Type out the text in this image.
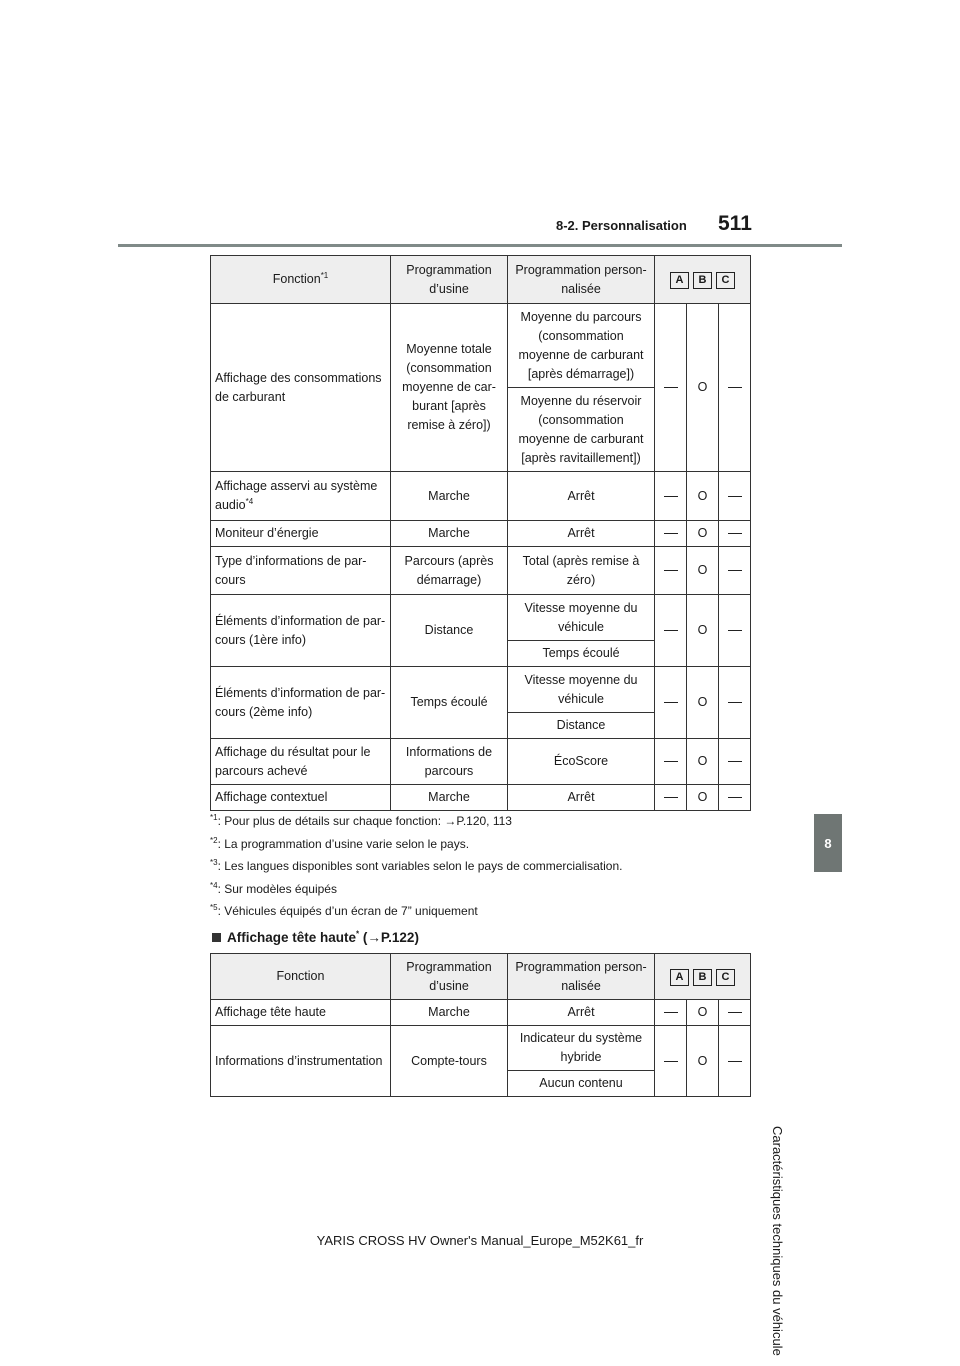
8-2. Personnalisation 511
8
Caractéristiques techniques du véhicule
Fonction$^{*1}$	Programmation d’usine	Programmation person-nalisée	A B C		
Affichage des consommations de carburant	Moyenne totale (consommation moyenne de car-burant [après remise à zéro])	Moyenne du parcours (consommation moyenne de carburant [après démarrage])		O	
		Moyenne du réservoir (consommation moyenne de carburant [après ravitaillement])			
Affichage asservi au système audio$^{*4}$	Marche	Arrêt		O	
Moniteur d’énergie	Marche	Arrêt		O	
Type d’informations de par-cours	Parcours (après démarrage)	Total (après remise à zéro)		O	
Éléments d’information de par-cours (1ère info)	Distance	Vitesse moyenne du véhicule		O	
		Temps écoulé			
Éléments d’information de par-cours (2ème info)	Temps écoulé	Vitesse moyenne du véhicule		O	
		Distance			
Affichage du résultat pour le parcours achevé	Informations de parcours	ÉcoScore		O	
Affichage contextuel	Marche	Arrêt		O	
$^{*1}$: Pour plus de détails sur chaque fonction: →P.120, 113
$^{*2}$: La programmation d’usine varie selon le pays.
$^{*3}$: Les langues disponibles sont variables selon le pays de commercialisation.
$^{*4}$: Sur modèles équipés
$^{*5}$: Véhicules équipés d’un écran de 7” uniquement
Affichage tête haute* (→P.122)
Fonction	Programmation d’usine	Programmation person-nalisée	A B C		
Affichage tête haute	Marche	Arrêt		O	
Informations d’instrumentation	Compte-tours	Indicateur du système hybride		O	
		Aucun contenu			
YARIS CROSS HV Owner's Manual_Europe_M52K61_fr
